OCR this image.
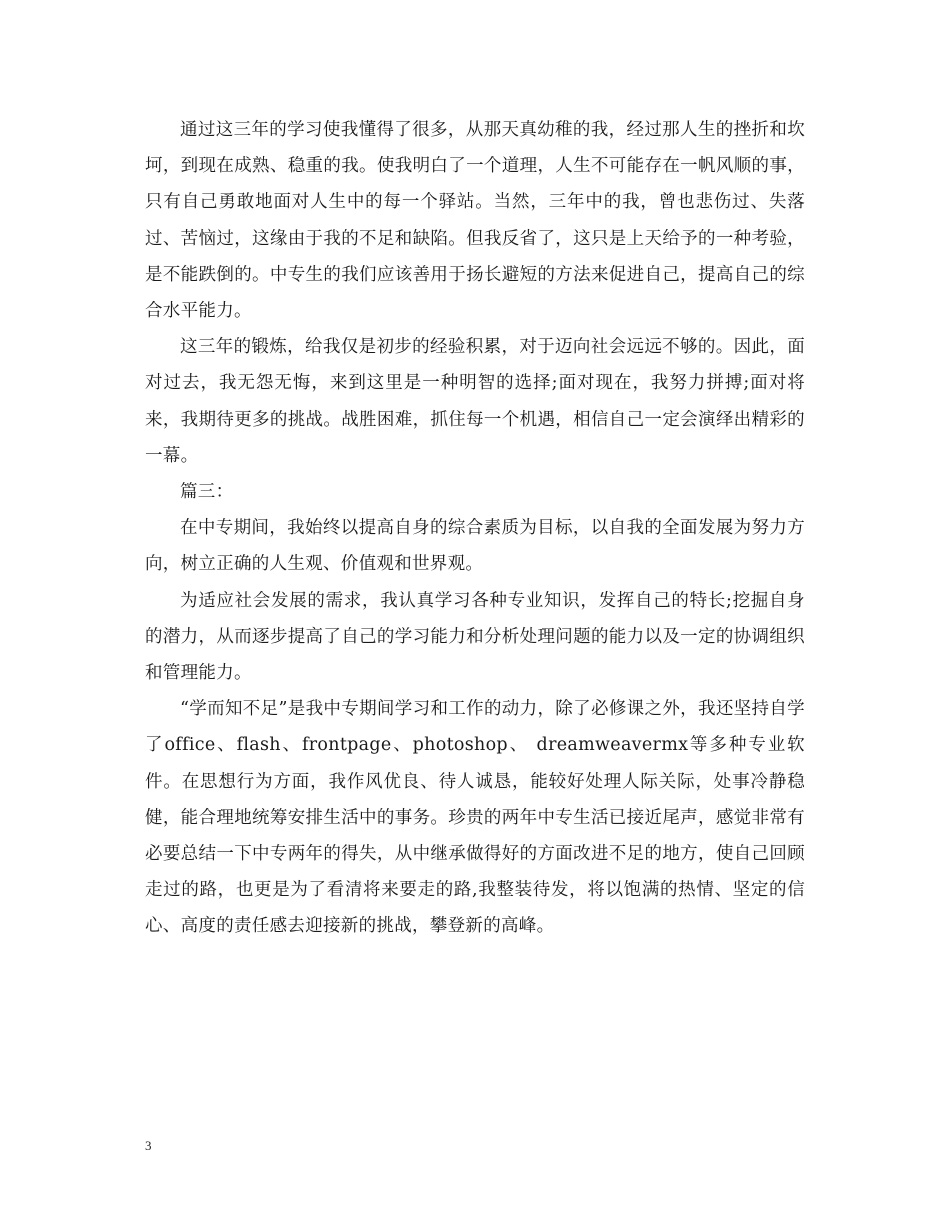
通过这三年的学习使我懂得了很多，从那天真幼稚的我，经过那人生的挫折和坎坷，到现在成熟、稳重的我。使我明白了一个道理，人生不可能存在一帆风顺的事，只有自己勇敢地面对人生中的每一个驿站。当然，三年中的我，曾也悲伤过、失落过、苦恼过，这缘由于我的不足和缺陷。但我反省了，这只是上天给予的一种考验，是不能跌倒的。中专生的我们应该善用于扬长避短的方法来促进自己，提高自己的综合水平能力。

这三年的锻炼，给我仅是初步的经验积累，对于迈向社会远远不够的。因此，面对过去，我无怨无悔，来到这里是一种明智的选择;面对现在，我努力拼搏;面对将来，我期待更多的挑战。战胜困难，抓住每一个机遇，相信自己一定会演绎出精彩的一幕。

篇三：

在中专期间，我始终以提高自身的综合素质为目标，以自我的全面发展为努力方向，树立正确的人生观、价值观和世界观。

为适应社会发展的需求，我认真学习各种专业知识，发挥自己的特长;挖掘自身的潜力，从而逐步提高了自己的学习能力和分析处理问题的能力以及一定的协调组织和管理能力。

“学而知不足”是我中专期间学习和工作的动力，除了必修课之外，我还坚持自学了office、flash、frontpage、photoshop、 dreamweavermx等多种专业软件。在思想行为方面，我作风优良、待人诚恳，能较好处理人际关际，处事冷静稳健，能合理地统筹安排生活中的事务。珍贵的两年中专生活已接近尾声，感觉非常有必要总结一下中专两年的得失，从中继承做得好的方面改进不足的地方，使自己回顾走过的路，也更是为了看清将来要走的路,我整装待发，将以饱满的热情、坚定的信心、高度的责任感去迎接新的挑战，攀登新的高峰。

3
